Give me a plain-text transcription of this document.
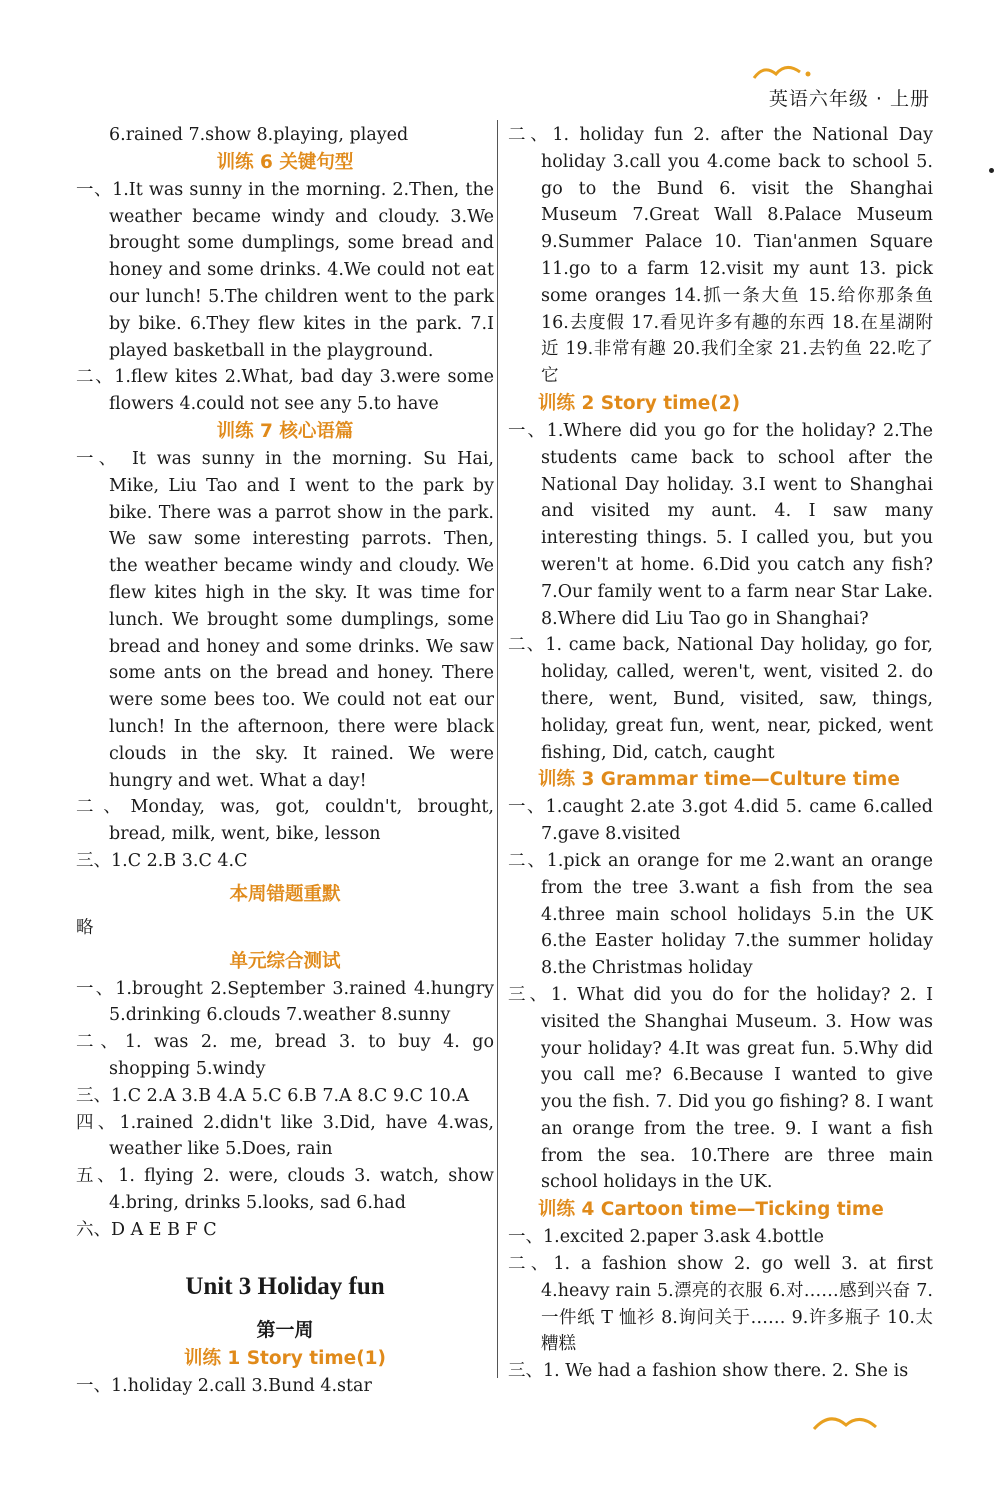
英语六年级 · 上册

6.rained 7.show 8.playing, played

训练 6 关键句型

一、1.It was sunny in the morning. 2.Then, the weather became windy and cloudy. 3.We brought some dumplings, some bread and honey and some drinks. 4.We could not eat our lunch! 5.The children went to the park by bike. 6.They flew kites in the park. 7.I played basketball in the playground.

二、1.flew kites 2.What, bad day 3.were some flowers 4.could not see any 5.to have

训练 7 核心语篇

一、 It was sunny in the morning. Su Hai, Mike, Liu Tao and I went to the park by bike. There was a parrot show in the park. We saw some interesting parrots. Then, the weather became windy and cloudy. We flew kites high in the sky. It was time for lunch. We brought some dumplings, some bread and honey and some drinks. We saw some ants on the bread and honey. There were some bees too. We could not eat our lunch! In the afternoon, there were black clouds in the sky. It rained. We were hungry and wet. What a day!

二、Monday, was, got, couldn't, brought, bread, milk, went, bike, lesson

三、1.C 2.B 3.C 4.C

本周错题重默

略

单元综合测试

一、1.brought 2.September 3.rained 4.hungry 5.drinking 6.clouds 7.weather 8.sunny

二、1. was 2. me, bread 3. to buy 4. go shopping 5.windy

三、1.C 2.A 3.B 4.A 5.C 6.B 7.A 8.C 9.C 10.A

四、1.rained 2.didn't like 3.Did, have 4.was, weather like 5.Does, rain

五、1. flying 2. were, clouds 3. watch, show 4.bring, drinks 5.looks, sad 6.had

六、D A E B F C

Unit 3 Holiday fun

第一周

训练 1 Story time(1)

一、1.holiday 2.call 3.Bund 4.star

二、1. holiday fun 2. after the National Day holiday 3.call you 4.come back to school 5. go to the Bund 6. visit the Shanghai Museum 7.Great Wall 8.Palace Museum 9.Summer Palace 10. Tian'anmen Square 11.go to a farm 12.visit my aunt 13. pick some oranges 14.抓一条大鱼 15.给你那条鱼 16.去度假 17.看见许多有趣的东西 18.在星湖附近 19.非常有趣 20.我们全家 21.去钓鱼 22.吃了它

训练 2 Story time(2)

一、1.Where did you go for the holiday? 2.The students came back to school after the National Day holiday. 3.I went to Shanghai and visited my aunt. 4. I saw many interesting things. 5. I called you, but you weren't at home. 6.Did you catch any fish? 7.Our family went to a farm near Star Lake. 8.Where did Liu Tao go in Shanghai?

二、1. came back, National Day holiday, go for, holiday, called, weren't, went, visited 2. do there, went, Bund, visited, saw, things, holiday, great fun, went, near, picked, went fishing, Did, catch, caught

训练 3 Grammar time—Culture time

一、1.caught 2.ate 3.got 4.did 5. came 6.called 7.gave 8.visited

二、1.pick an orange for me 2.want an orange from the tree 3.want a fish from the sea 4.three main school holidays 5.in the UK 6.the Easter holiday 7.the summer holiday 8.the Christmas holiday

三、1. What did you do for the holiday? 2. I visited the Shanghai Museum. 3. How was your holiday? 4.It was great fun. 5.Why did you call me? 6.Because I wanted to give you the fish. 7. Did you go fishing? 8. I want an orange from the tree. 9. I want a fish from the sea. 10.There are three main school holidays in the UK.

训练 4 Cartoon time—Ticking time

一、1.excited 2.paper 3.ask 4.bottle

二、1. a fashion show 2. go well 3. at first 4.heavy rain 5.漂亮的衣服 6.对……感到兴奋 7.一件纸 T 恤衫 8.询问关于…… 9.许多瓶子 10.太糟糕

三、1. We had a fashion show there. 2. She is
